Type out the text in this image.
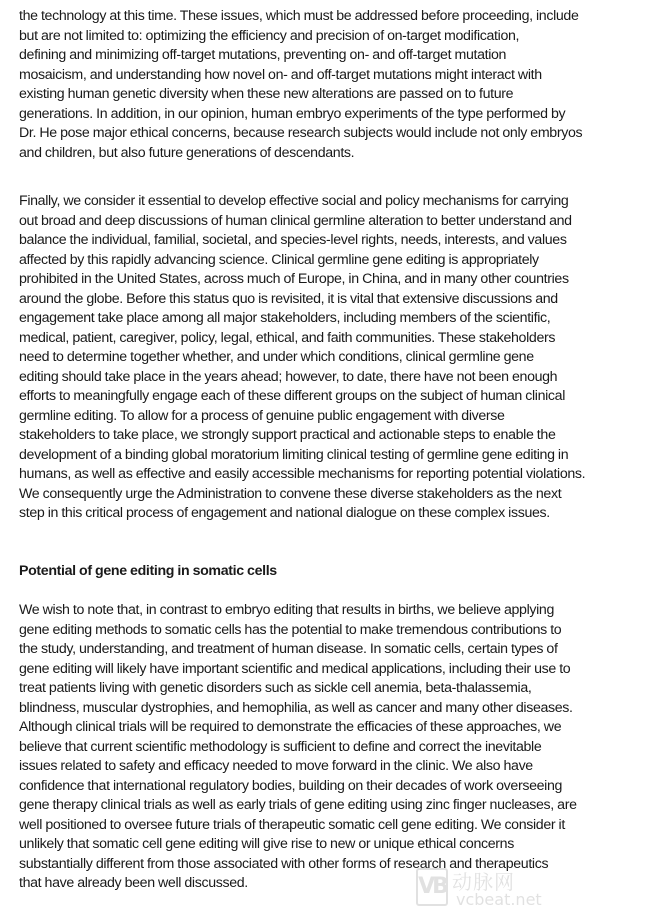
the technology at this time. These issues, which must be addressed before proceeding, include
but are not limited to: optimizing the efficiency and precision of on-target modification,
defining and minimizing off-target mutations, preventing on- and off-target mutation
mosaicism, and understanding how novel on- and off-target mutations might interact with
existing human genetic diversity when these new alterations are passed on to future
generations. In addition, in our opinion, human embryo experiments of the type performed by
Dr. He pose major ethical concerns, because research subjects would include not only embryos
and children, but also future generations of descendants.
Finally, we consider it essential to develop effective social and policy mechanisms for carrying
out broad and deep discussions of human clinical germline alteration to better understand and
balance the individual, familial, societal, and species-level rights, needs, interests, and values
affected by this rapidly advancing science. Clinical germline gene editing is appropriately
prohibited in the United States, across much of Europe, in China, and in many other countries
around the globe. Before this status quo is revisited, it is vital that extensive discussions and
engagement take place among all major stakeholders, including members of the scientific,
medical, patient, caregiver, policy, legal, ethical, and faith communities. These stakeholders
need to determine together whether, and under which conditions, clinical germline gene
editing should take place in the years ahead; however, to date, there have not been enough
efforts to meaningfully engage each of these different groups on the subject of human clinical
germline editing. To allow for a process of genuine public engagement with diverse
stakeholders to take place, we strongly support practical and actionable steps to enable the
development of a binding global moratorium limiting clinical testing of germline gene editing in
humans, as well as effective and easily accessible mechanisms for reporting potential violations.
We consequently urge the Administration to convene these diverse stakeholders as the next
step in this critical process of engagement and national dialogue on these complex issues.
Potential of gene editing in somatic cells
We wish to note that, in contrast to embryo editing that results in births, we believe applying
gene editing methods to somatic cells has the potential to make tremendous contributions to
the study, understanding, and treatment of human disease. In somatic cells, certain types of
gene editing will likely have important scientific and medical applications, including their use to
treat patients living with genetic disorders such as sickle cell anemia, beta-thalassemia,
blindness, muscular dystrophies, and hemophilia, as well as cancer and many other diseases.
Although clinical trials will be required to demonstrate the efficacies of these approaches, we
believe that current scientific methodology is sufficient to define and correct the inevitable
issues related to safety and efficacy needed to move forward in the clinic. We also have
confidence that international regulatory bodies, building on their decades of work overseeing
gene therapy clinical trials as well as early trials of gene editing using zinc finger nucleases, are
well positioned to oversee future trials of therapeutic somatic cell gene editing. We consider it
unlikely that somatic cell gene editing will give rise to new or unique ethical concerns
substantially different from those associated with other forms of research and therapeutics
that have already been well discussed.	VB 动脉网
vcbeat.net
